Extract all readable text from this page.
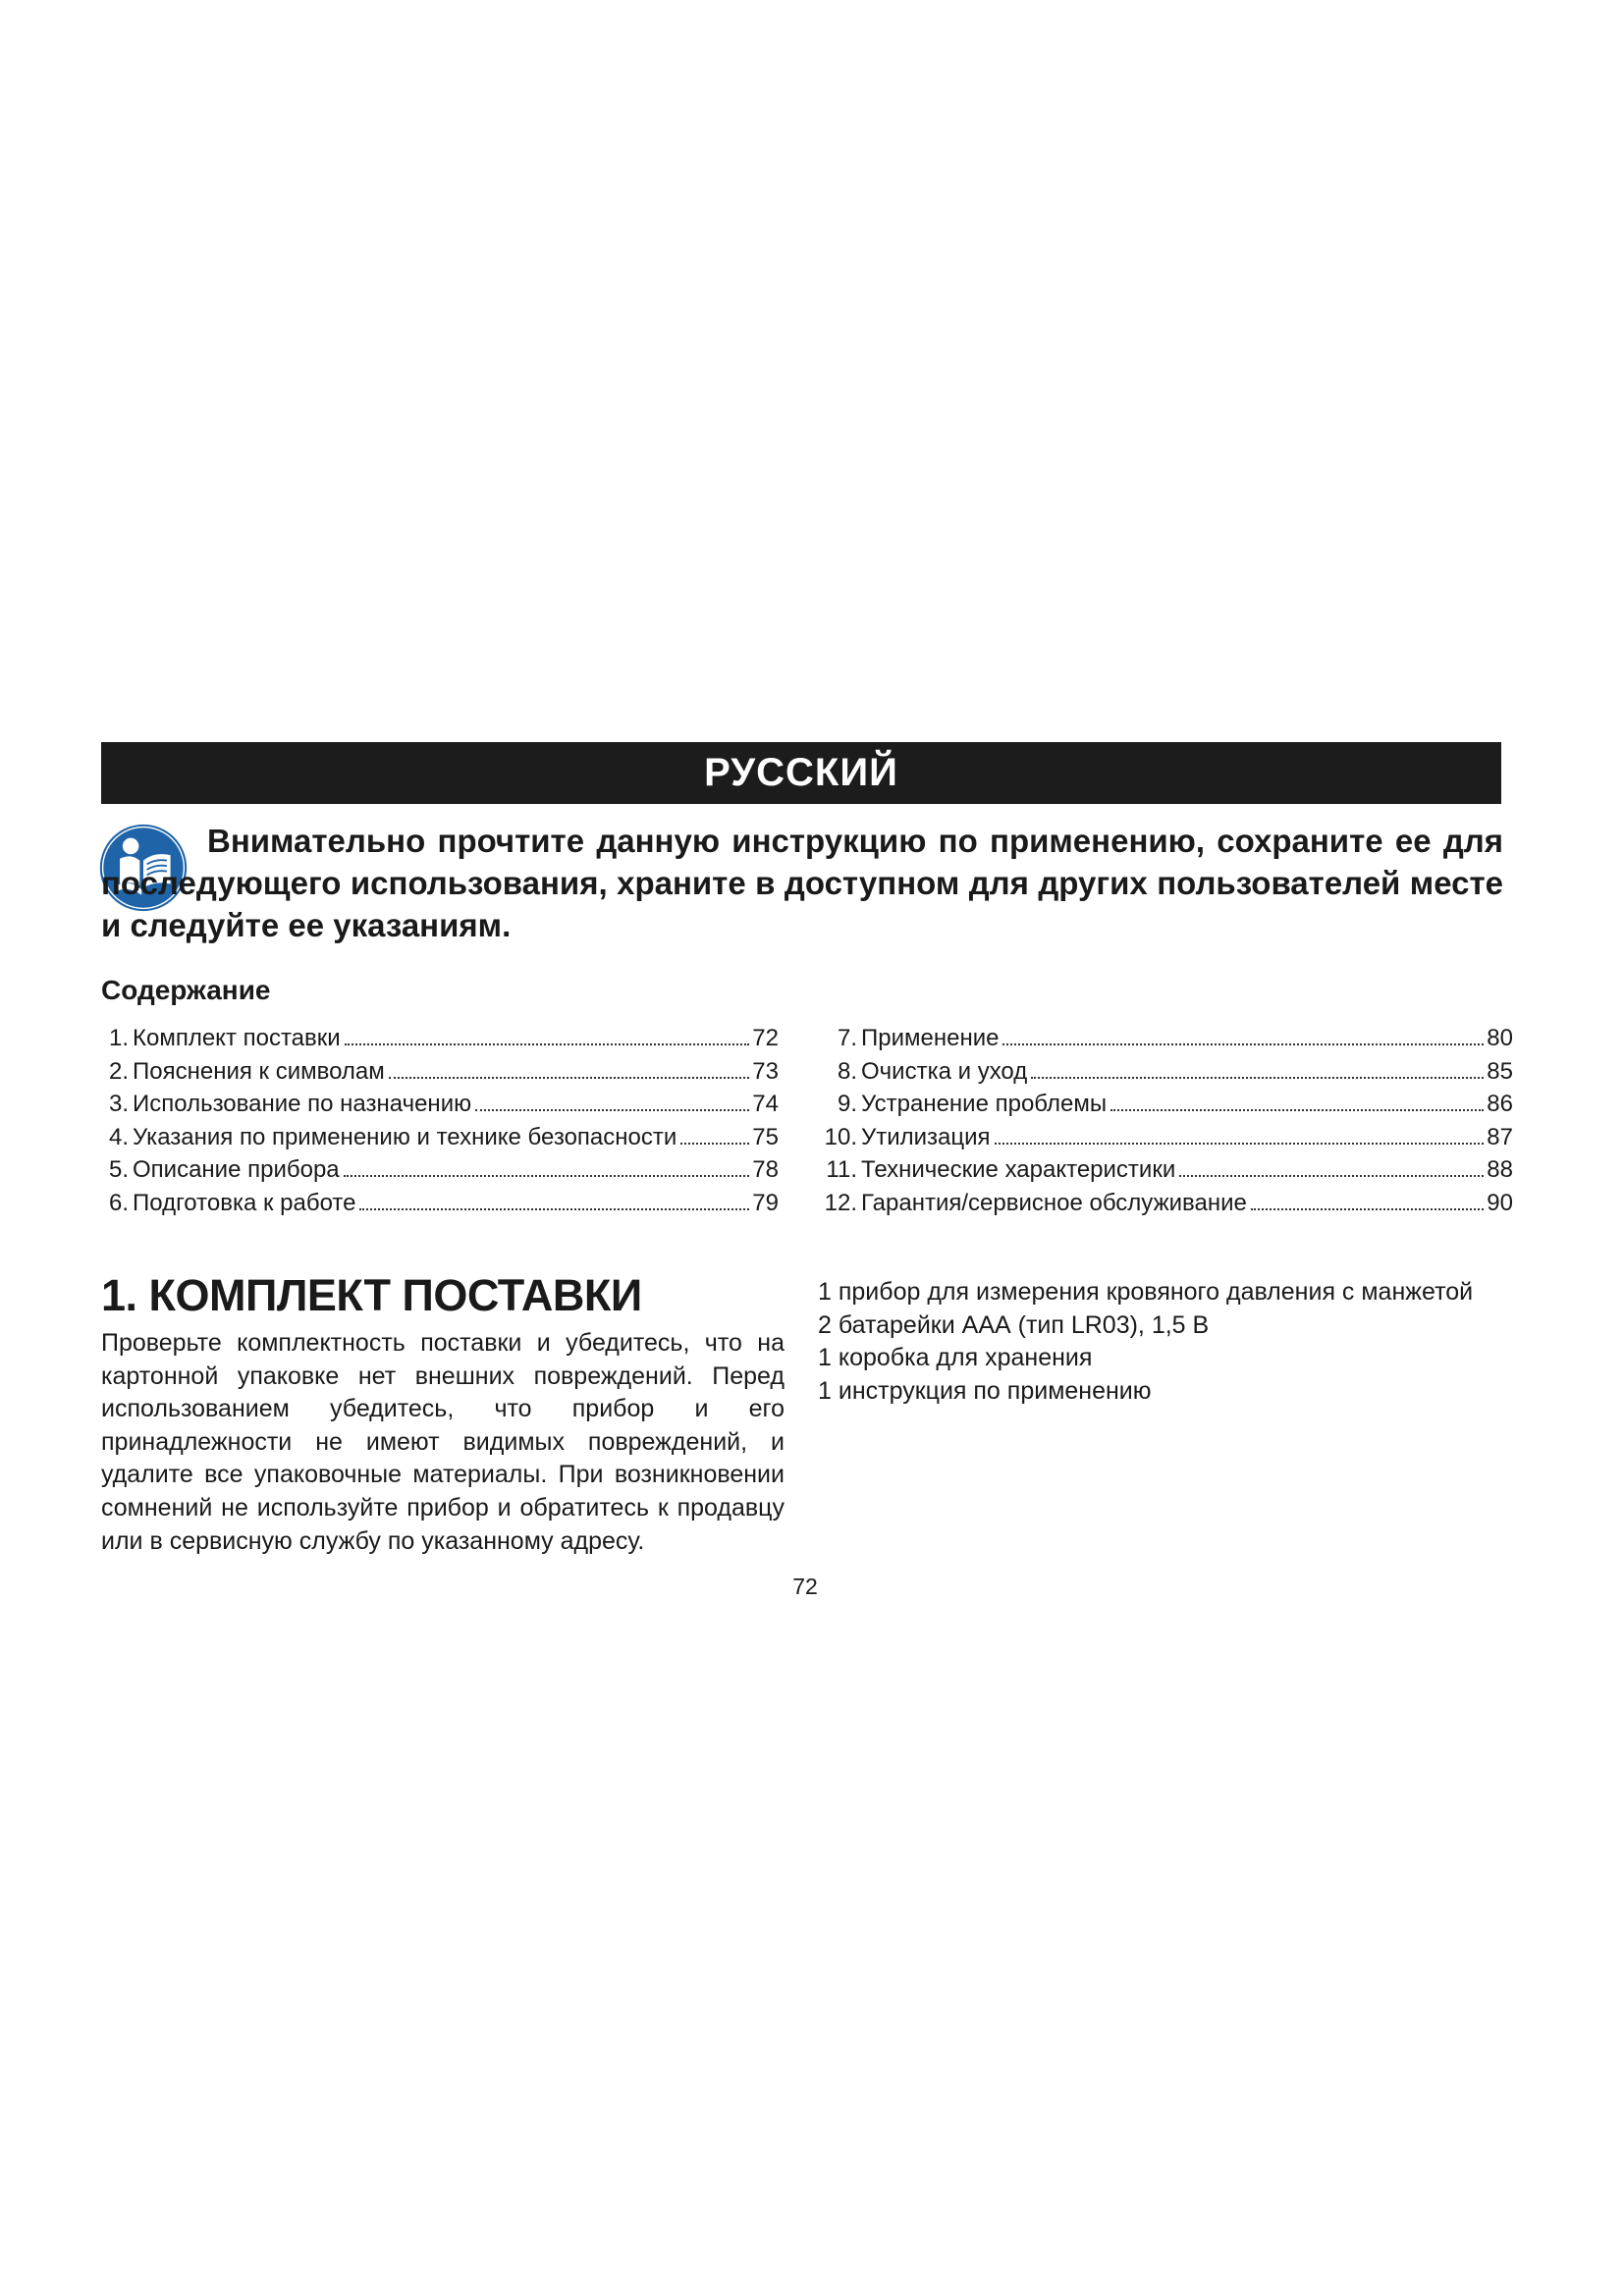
РУССКИЙ

Внимательно прочтите данную инструкцию по применению, сохраните ее для последующего использования, храните в доступном для других пользователей месте и следуйте ее указаниям.

Содержание
1. Комплект поставки	72
2. Пояснения к символам	73
3. Использование по назначению	74
4. Указания по применению и технике безопасности	75
5. Описание прибора	78
6. Подготовка к работе	79
7. Применение	80
8. Очистка и уход	85
9. Устранение проблемы	86
10. Утилизация	87
11. Технические характеристики	88
12. Гарантия/сервисное обслуживание	90
1. КОМПЛЕКТ ПОСТАВКИ

Проверьте комплектность поставки и убедитесь, что на картонной упаковке нет внешних повреждений. Перед использованием убедитесь, что прибор и его принадлежности не имеют видимых повреждений, и удалите все упаковочные материалы. При возникновении сомнений не используйте прибор и обратитесь к продавцу или в сервисную службу по указанному адресу.

1 прибор для измерения кровяного давления с манжетой
2 батарейки ААА (тип LR03), 1,5 В
1 коробка для хранения
1 инструкция по применению
72
